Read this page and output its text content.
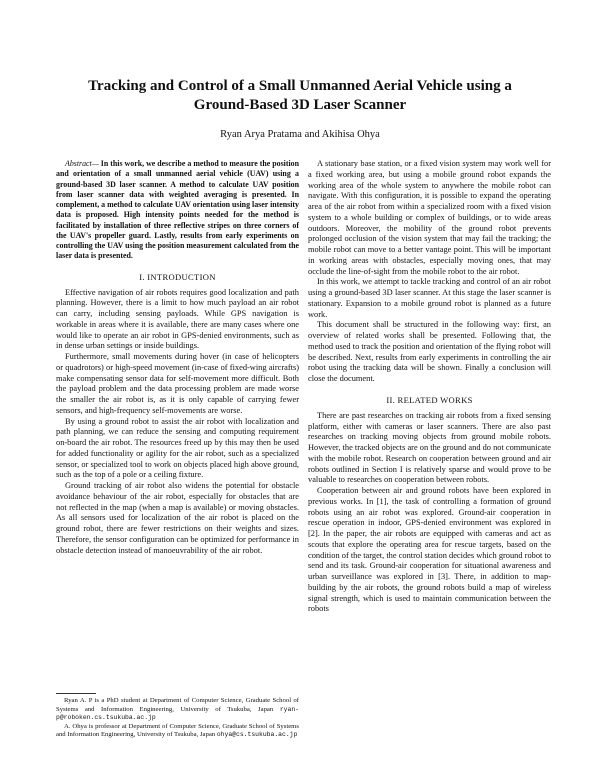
Tracking and Control of a Small Unmanned Aerial Vehicle using a
Ground-Based 3D Laser Scanner
Ryan Arya Pratama and Akihisa Ohya

Abstract— In this work, we describe a method to measure the position and orientation of a small unmanned aerial vehicle (UAV) using a ground-based 3D laser scanner. A method to calculate UAV position from laser scanner data with weighted averaging is presented. In complement, a method to calculate UAV orientation using laser intensity data is proposed. High intensity points needed for the method is facilitated by installation of three reflective stripes on three corners of the UAV's propeller guard. Lastly, results from early experiments on controlling the UAV using the position measurement calculated from the laser data is presented.

I. INTRODUCTION

Effective navigation of air robots requires good localization and path planning. However, there is a limit to how much payload an air robot can carry, including sensing payloads. While GPS navigation is workable in areas where it is available, there are many cases where one would like to operate an air robot in GPS-denied environments, such as in dense urban settings or inside buildings.

Furthermore, small movements during hover (in case of helicopters or quadrotors) or high-speed movement (in-case of fixed-wing aircrafts) make compensating sensor data for self-movement more difficult. Both the payload problem and the data processing problem are made worse the smaller the air robot is, as it is only capable of carrying fewer sensors, and high-frequency self-movements are worse.

By using a ground robot to assist the air robot with localization and path planning, we can reduce the sensing and computing requirement on-board the air robot. The resources freed up by this may then be used for added functionality or agility for the air robot, such as a specialized sensor, or specialized tool to work on objects placed high above ground, such as the top of a pole or a ceiling fixture.

Ground tracking of air robot also widens the potential for obstacle avoidance behaviour of the air robot, especially for obstacles that are not reflected in the map (when a map is available) or moving obstacles. As all sensors used for localization of the air robot is placed on the ground robot, there are fewer restrictions on their weights and sizes. Therefore, the sensor configuration can be optimized for performance in obstacle detection instead of manoeuvrability of the air robot.

Ryan A. P is a PhD student at Department of Computer Science, Graduate School of Systems and Information Engineering, University of Tsukuba, Japan ryan-p@roboken.cs.tsukuba.ac.jp

A. Ohya is professor at Department of Computer Science, Graduate School of Systems and Information Engineering, University of Tsukuba, Japan ohya@cs.tsukuba.ac.jp

A stationary base station, or a fixed vision system may work well for a fixed working area, but using a mobile ground robot expands the working area of the whole system to anywhere the mobile robot can navigate. With this configuration, it is possible to expand the operating area of the air robot from within a specialized room with a fixed vision system to a whole building or complex of buildings, or to wide areas outdoors. Moreover, the mobility of the ground robot prevents prolonged occlusion of the vision system that may fail the tracking; the mobile robot can move to a better vantage point. This will be important in working areas with obstacles, especially moving ones, that may occlude the line-of-sight from the mobile robot to the air robot.

In this work, we attempt to tackle tracking and control of an air robot using a ground-based 3D laser scanner. At this stage the laser scanner is stationary. Expansion to a mobile ground robot is planned as a future work.

This document shall be structured in the following way: first, an overview of related works shall be presented. Following that, the method used to track the position and orientation of the flying robot will be described. Next, results from early experiments in controlling the air robot using the tracking data will be shown. Finally a conclusion will close the document.

II. RELATED WORKS

There are past researches on tracking air robots from a fixed sensing platform, either with cameras or laser scanners. There are also past researches on tracking moving objects from ground mobile robots. However, the tracked objects are on the ground and do not communicate with the mobile robot. Research on cooperation between ground and air robots outlined in Section I is relatively sparse and would prove to be valuable to researches on cooperation between robots.

Cooperation between air and ground robots have been explored in previous works. In [1], the task of controlling a formation of ground robots using an air robot was explored. Ground-air cooperation in rescue operation in indoor, GPS-denied environment was explored in [2]. In the paper, the air robots are equipped with cameras and act as scouts that explore the operating area for rescue targets, based on the condition of the target, the control station decides which ground robot to send and its task. Ground-air cooperation for situational awareness and urban surveillance was explored in [3]. There, in addition to map-building by the air robots, the ground robots build a map of wireless signal strength, which is used to maintain communication between the robots
